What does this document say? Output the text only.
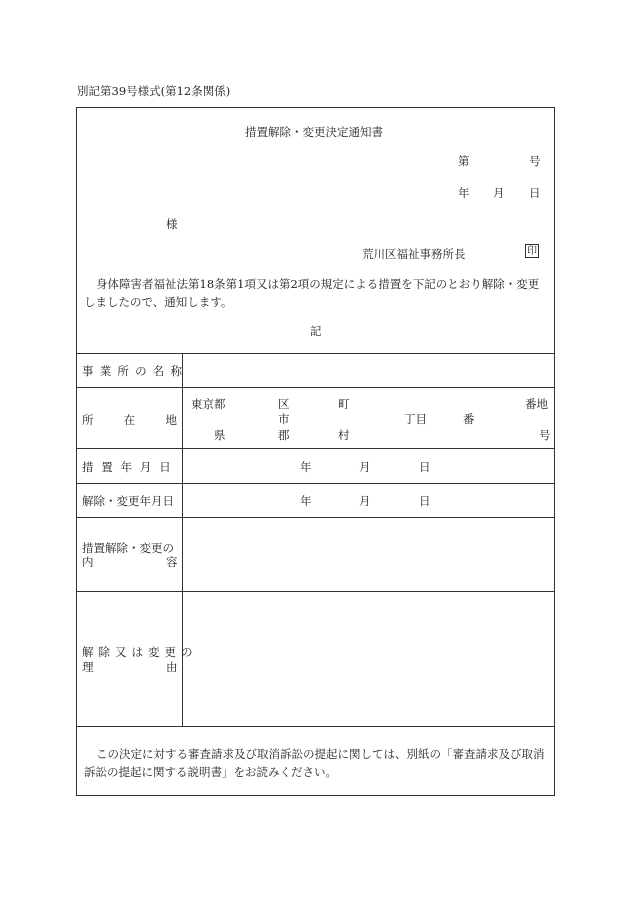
別記第39号様式(第12条関係)
措置解除・変更決定通知書
第	号
年 月 日
様
荒川区福祉事務所長	印
身体障害者福祉法第18条第1項又は第2項の規定による措置を下記のとおり解除・変更しましたので、通知します。
記
事業所の名称
所在地
東京都	区	町	番地
市	丁目	番
県	郡	村	号
措置年月日	年	月	日
解除・変更年月日	年	月	日
措置解除・変更の
内	容
解除又は変更の
理	由
この決定に対する審査請求及び取消訴訟の提起に関しては、別紙の「審査請求及び取消訴訟の提起に関する説明書」をお読みください。
